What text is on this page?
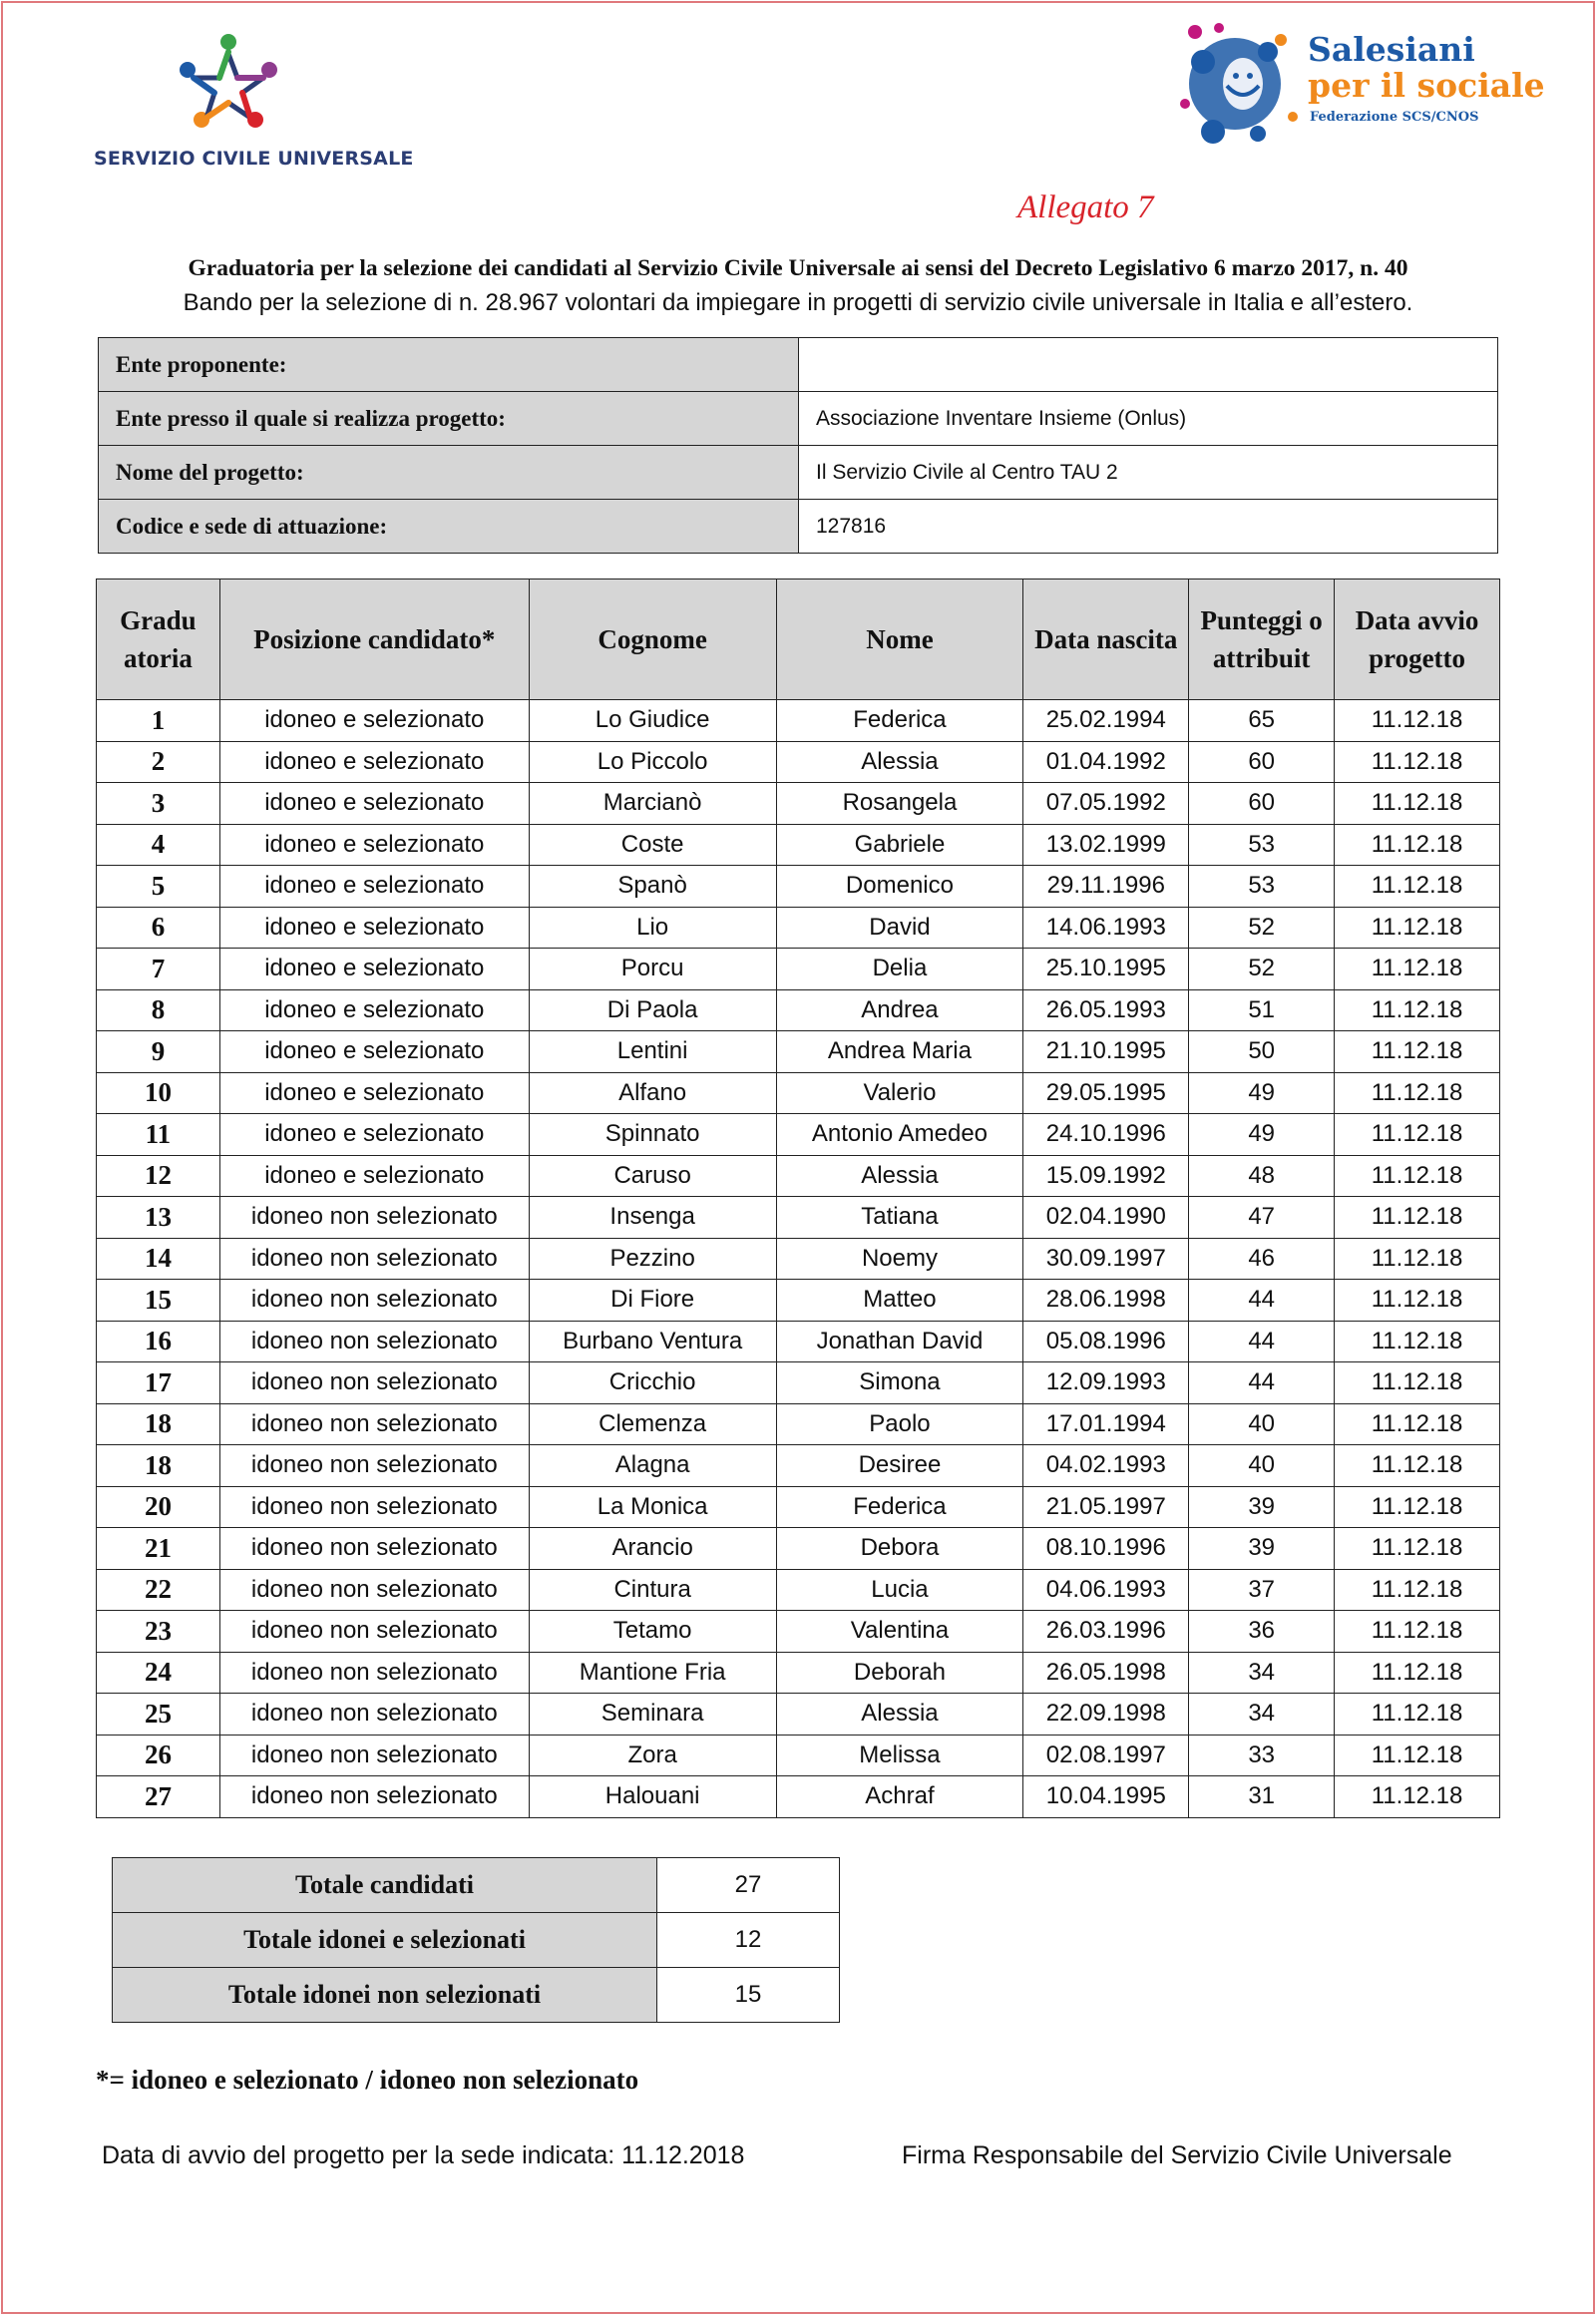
SERVIZIO CIVILE UNIVERSALE
Salesiani
per il sociale
Federazione SCS/CNOS
Allegato 7
Graduatoria per la selezione dei candidati al Servizio Civile Universale ai sensi del Decreto Legislativo 6 marzo 2017, n. 40
Bando per la selezione di n. 28.967 volontari da impiegare in progetti di servizio civile universale in Italia e all’estero.
Ente proponente:	
Ente presso il quale si realizza progetto:	Associazione Inventare Insieme (Onlus)
Nome del progetto:	Il Servizio Civile al Centro TAU 2
Codice e sede di attuazione:	127816
Gradu atoria	Posizione candidato*	Cognome	Nome	Data nascita	Punteggi o attribuit	Data avvio progetto
1	idoneo e selezionato	Lo Giudice	Federica	25.02.1994	65	11.12.18
2	idoneo e selezionato	Lo Piccolo	Alessia	01.04.1992	60	11.12.18
3	idoneo e selezionato	Marcianò	Rosangela	07.05.1992	60	11.12.18
4	idoneo e selezionato	Coste	Gabriele	13.02.1999	53	11.12.18
5	idoneo e selezionato	Spanò	Domenico	29.11.1996	53	11.12.18
6	idoneo e selezionato	Lio	David	14.06.1993	52	11.12.18
7	idoneo e selezionato	Porcu	Delia	25.10.1995	52	11.12.18
8	idoneo e selezionato	Di Paola	Andrea	26.05.1993	51	11.12.18
9	idoneo e selezionato	Lentini	Andrea Maria	21.10.1995	50	11.12.18
10	idoneo e selezionato	Alfano	Valerio	29.05.1995	49	11.12.18
11	idoneo e selezionato	Spinnato	Antonio Amedeo	24.10.1996	49	11.12.18
12	idoneo e selezionato	Caruso	Alessia	15.09.1992	48	11.12.18
13	idoneo non selezionato	Insenga	Tatiana	02.04.1990	47	11.12.18
14	idoneo non selezionato	Pezzino	Noemy	30.09.1997	46	11.12.18
15	idoneo non selezionato	Di Fiore	Matteo	28.06.1998	44	11.12.18
16	idoneo non selezionato	Burbano Ventura	Jonathan David	05.08.1996	44	11.12.18
17	idoneo non selezionato	Cricchio	Simona	12.09.1993	44	11.12.18
18	idoneo non selezionato	Clemenza	Paolo	17.01.1994	40	11.12.18
18	idoneo non selezionato	Alagna	Desiree	04.02.1993	40	11.12.18
20	idoneo non selezionato	La Monica	Federica	21.05.1997	39	11.12.18
21	idoneo non selezionato	Arancio	Debora	08.10.1996	39	11.12.18
22	idoneo non selezionato	Cintura	Lucia	04.06.1993	37	11.12.18
23	idoneo non selezionato	Tetamo	Valentina	26.03.1996	36	11.12.18
24	idoneo non selezionato	Mantione Fria	Deborah	26.05.1998	34	11.12.18
25	idoneo non selezionato	Seminara	Alessia	22.09.1998	34	11.12.18
26	idoneo non selezionato	Zora	Melissa	02.08.1997	33	11.12.18
27	idoneo non selezionato	Halouani	Achraf	10.04.1995	31	11.12.18
Totale candidati	27
Totale idonei e selezionati	12
Totale idonei non selezionati	15
*= idoneo e selezionato / idoneo non selezionato
Data di avvio del progetto per la sede indicata: 11.12.2018	Firma Responsabile del Servizio Civile Universale
